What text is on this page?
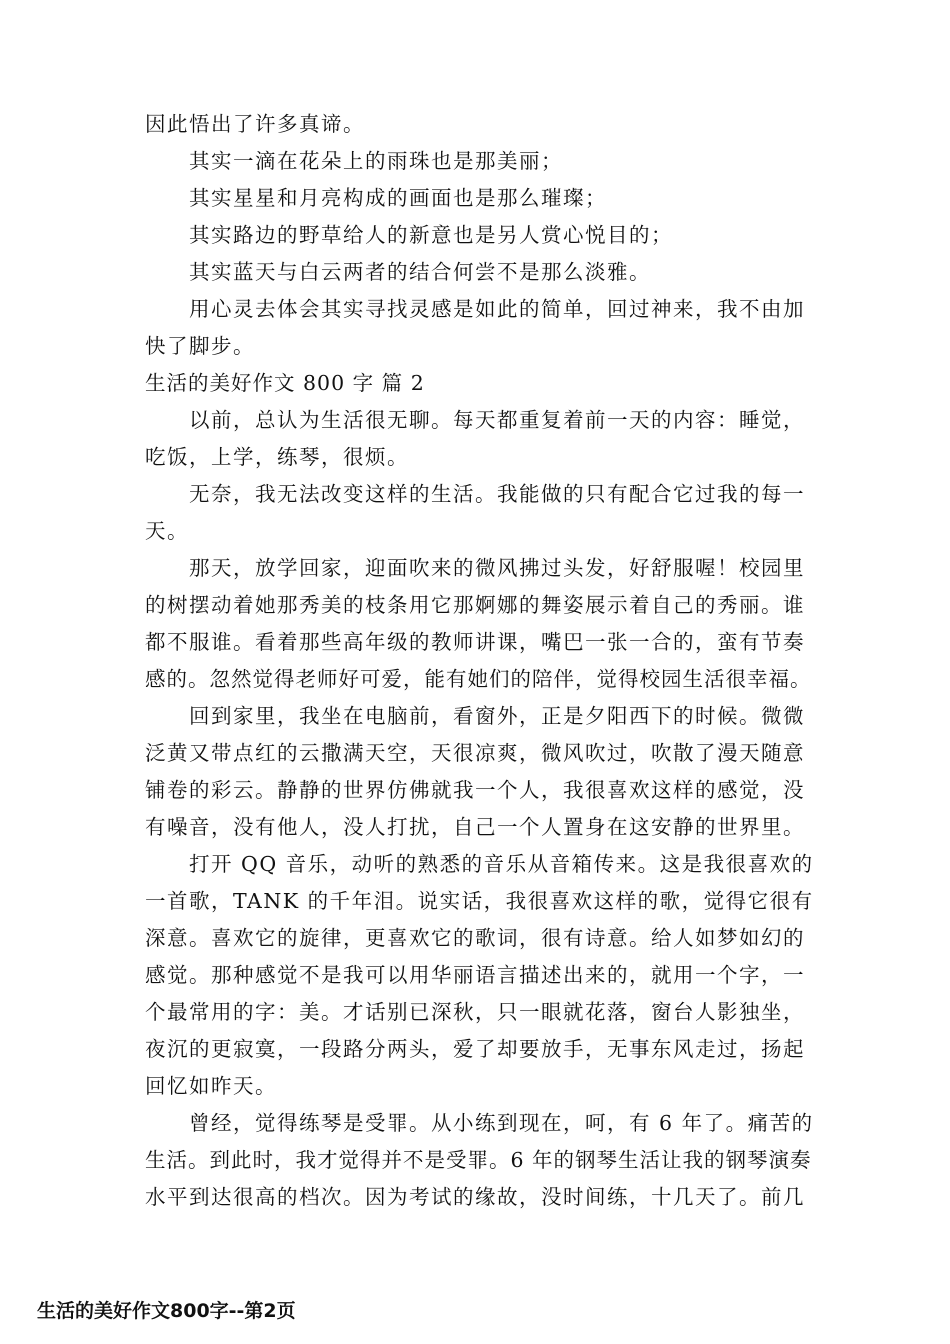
因此悟出了许多真谛。

其实一滴在花朵上的雨珠也是那美丽；

其实星星和月亮构成的画面也是那么璀璨；

其实路边的野草给人的新意也是另人赏心悦目的；

其实蓝天与白云两者的结合何尝不是那么淡雅。

用心灵去体会其实寻找灵感是如此的简单，回过神来，我不由加

快了脚步。

生活的美好作文 800 字 篇 2

以前，总认为生活很无聊。每天都重复着前一天的内容：睡觉，

吃饭，上学，练琴，很烦。

无奈，我无法改变这样的生活。我能做的只有配合它过我的每一

天。

那天，放学回家，迎面吹来的微风拂过头发，好舒服喔！校园里

的树摆动着她那秀美的枝条用它那婀娜的舞姿展示着自己的秀丽。谁

都不服谁。看着那些高年级的教师讲课，嘴巴一张一合的，蛮有节奏

感的。忽然觉得老师好可爱，能有她们的陪伴，觉得校园生活很幸福。

回到家里，我坐在电脑前，看窗外，正是夕阳西下的时候。微微

泛黄又带点红的云撒满天空，天很凉爽，微风吹过，吹散了漫天随意

铺卷的彩云。静静的世界仿佛就我一个人，我很喜欢这样的感觉，没

有噪音，没有他人，没人打扰，自己一个人置身在这安静的世界里。

打开 QQ 音乐，动听的熟悉的音乐从音箱传来。这是我很喜欢的

一首歌，TANK 的千年泪。说实话，我很喜欢这样的歌，觉得它很有

深意。喜欢它的旋律，更喜欢它的歌词，很有诗意。给人如梦如幻的

感觉。那种感觉不是我可以用华丽语言描述出来的，就用一个字，一

个最常用的字：美。才话别已深秋，只一眼就花落，窗台人影独坐，

夜沉的更寂寞，一段路分两头，爱了却要放手，无事东风走过，扬起

回忆如昨天。

曾经，觉得练琴是受罪。从小练到现在，呵，有 6 年了。痛苦的

生活。到此时，我才觉得并不是受罪。6 年的钢琴生活让我的钢琴演奏

水平到达很高的档次。因为考试的缘故，没时间练，十几天了。前几

生活的美好作文800字--第2页
